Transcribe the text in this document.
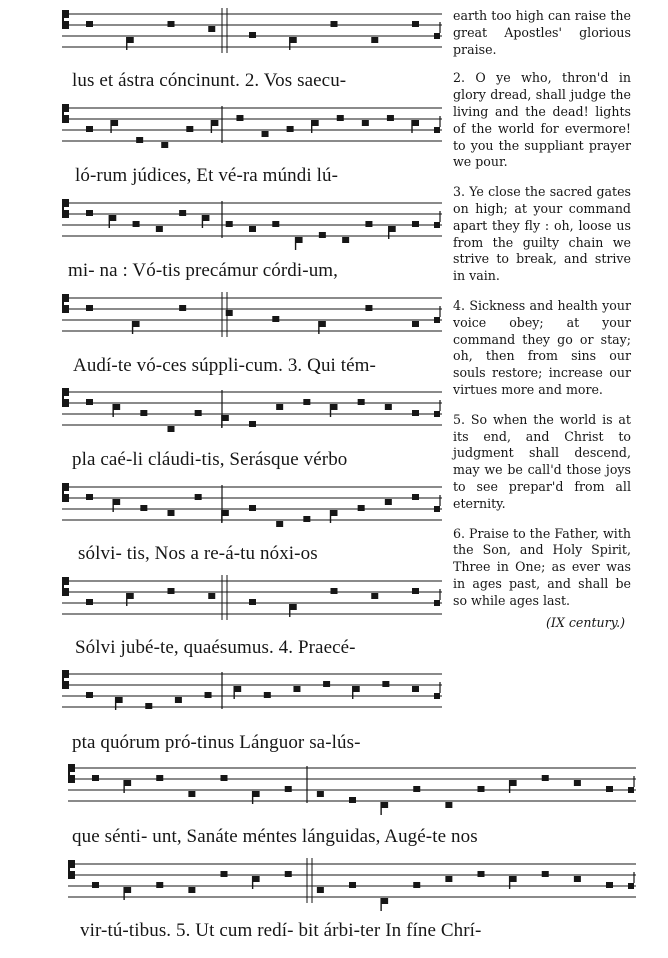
lus et ástra cóncinunt. 2. Vos saecu-
ló-rum júdices, Et vé-ra múndi lú-
mi- na : Vó-tis precámur córdi-um,
Audí-te vó-ces súppli-cum. 3. Qui tém-
pla caé-li cláudi-tis, Serásque vérbo
sólvi- tis, Nos a re-á-tu nóxi-os
Sólvi jubé-te, quaésumus. 4. Praecé-
pta quórum pró-tinus Lánguor sa-lús-
que sénti- unt, Sanáte méntes lánguidas, Augé-te nos
vir-tú-tibus. 5. Ut cum redí- bit árbi-ter In fíne Chrí-

earth too high can raise the great Apostles' glorious praise.

2. O ye who, thron'd in glory dread, shall judge the living and the dead! lights of the world for evermore! to you the suppliant prayer we pour.

3. Ye close the sacred gates on high; at your command apart they fly : oh, loose us from the guilty chain we strive to break, and strive in vain.

4. Sickness and health your voice obey; at your command they go or stay; oh, then from sins our souls restore; increase our virtues more and more.

5. So when the world is at its end, and Christ to judgment shall descend, may we be call'd those joys to see prepar'd from all eternity.

6. Praise to the Father, with the Son, and Holy Spirit, Three in One; as ever was in ages past, and shall be so while ages last.

(IX century.)
